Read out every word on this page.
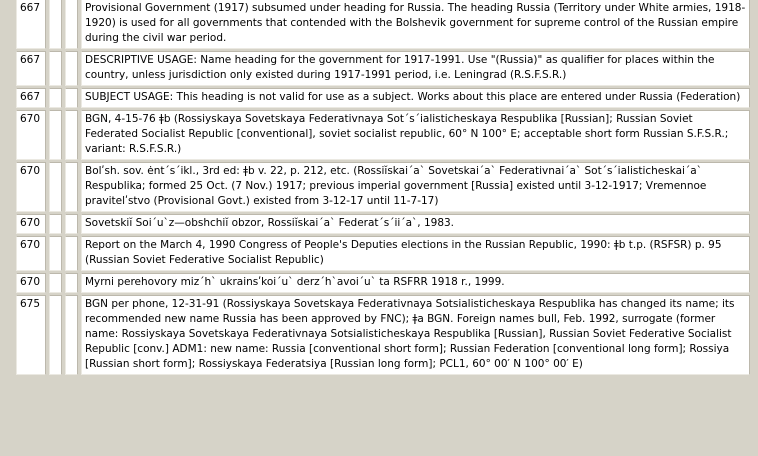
667	Provisional Government (1917) subsumed under heading for Russia. The heading Russia (Territory under White armies, 1918-1920) is used for all governments that contended with the Bolshevik government for supreme control of the Russian empire during the civil war period.
667	DESCRIPTIVE USAGE: Name heading for the government for 1917-1991. Use "(Russia)" as qualifier for places within the country, unless jurisdiction only existed during 1917-1991 period, i.e. Leningrad (R.S.F.S.R.)
667	SUBJECT USAGE: This heading is not valid for use as a subject. Works about this place are entered under Russia (Federation)
670	BGN, 4-15-76 ǂb (Rossiyskaya Sovetskaya Federativnaya Sotˊsˊialisticheskaya Respublika [Russian]; Russian Soviet Federated Socialist Republic [conventional], soviet socialist republic, 60° N 100° E; acceptable short form Russian S.F.S.R.; variant: R.S.F.S.R.)
670	Bolʹsh. sov. ėntˊsˊikl., 3rd ed: ǂb v. 22, p. 212, etc. (Rossiĭskaiˊaˋ Sovetskaiˊaˋ Federativnaiˊaˋ Sotˊsˊialisticheskaiˊaˋ Respublika; formed 25 Oct. (7 Nov.) 1917; previous imperial government [Russia] existed until 3-12-1917; Vremennoe pravitelʹstvo (Provisional Govt.) existed from 3-12-17 until 11-7-17)
670	Sovetskiĭ Soiˊuˋz—obshchiĭ obzor, Rossiĭskaiˊaˋ Federatˊsˊiiˊaˋ, 1983.
670	Report on the March 4, 1990 Congress of People's Deputies elections in the Russian Republic, 1990: ǂb t.p. (RSFSR) p. 95 (Russian Soviet Federative Socialist Republic)
670	Myrni perehovory mizˊhˋ ukrainsʹkoiˊuˋ derzˊhˋavoiˊuˋ ta RSFRR 1918 r., 1999.
675	BGN per phone, 12-31-91 (Rossiyskaya Sovetskaya Federativnaya Sotsialisticheskaya Respublika has changed its name; its recommended new name Russia has been approved by FNC); ǂa BGN. Foreign names bull, Feb. 1992, surrogate (former name: Rossiyskaya Sovetskaya Federativnaya Sotsialisticheskaya Respublika [Russian], Russian Soviet Federative Socialist Republic [conv.] ADM1: new name: Russia [conventional short form]; Russian Federation [conventional long form]; Rossiya [Russian short form]; Rossiyskaya Federatsiya [Russian long form]; PCL1, 60° 00′ N 100° 00′ E)
